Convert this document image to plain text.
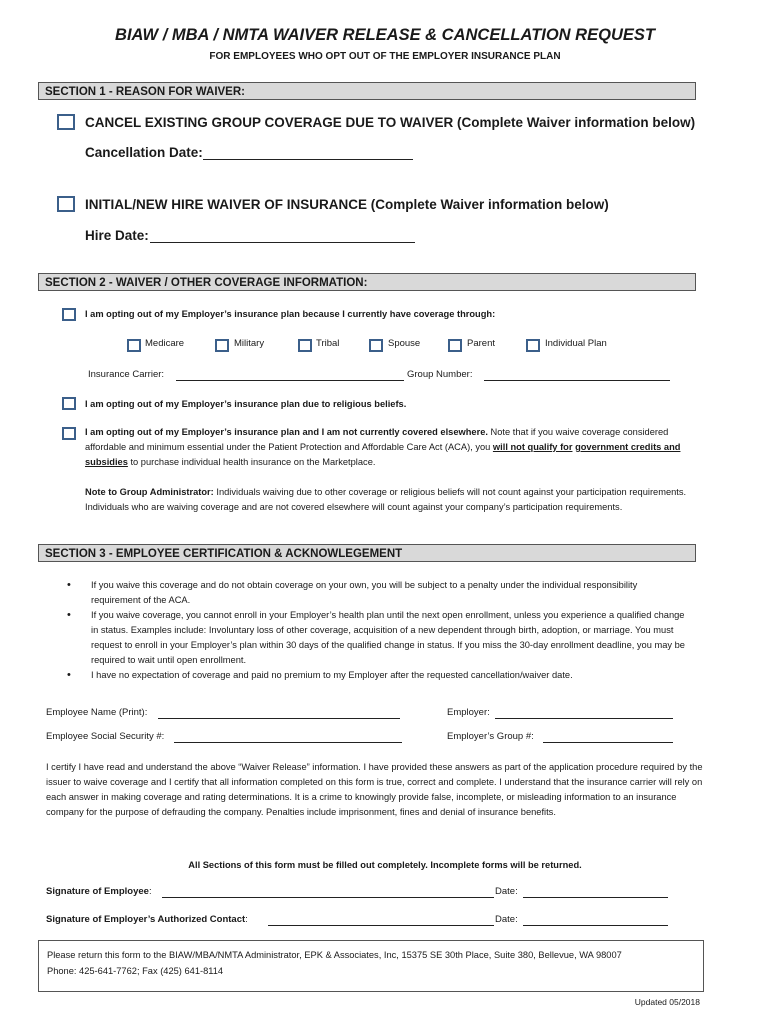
BIAW / MBA / NMTA WAIVER RELEASE & CANCELLATION REQUEST
FOR EMPLOYEES WHO OPT OUT OF THE EMPLOYER INSURANCE PLAN
SECTION 1 - REASON FOR WAIVER:
CANCEL EXISTING GROUP COVERAGE DUE TO WAIVER (Complete Waiver information below)
Cancellation Date:
INITIAL/NEW HIRE WAIVER OF INSURANCE (Complete Waiver information below)
Hire Date:
SECTION 2 - WAIVER / OTHER COVERAGE INFORMATION:
I am opting out of my Employer’s insurance plan because I currently have coverage through:
Medicare	Military	Tribal	Spouse	Parent	Individual Plan
Insurance Carrier:	Group Number:
I am opting out of my Employer’s insurance plan due to religious beliefs.
I am opting out of my Employer’s insurance plan and I am not currently covered elsewhere. Note that if you waive coverage considered affordable and minimum essential under the Patient Protection and Affordable Care Act (ACA), you will not qualify for government credits and subsidies to purchase individual health insurance on the Marketplace.
Note to Group Administrator: Individuals waiving due to other coverage or religious beliefs will not count against your participation requirements. Individuals who are waiving coverage and are not covered elsewhere will count against your company’s participation requirements.
SECTION 3 - EMPLOYEE CERTIFICATION & ACKNOWLEGEMENT
• If you waive this coverage and do not obtain coverage on your own, you will be subject to a penalty under the individual responsibility requirement of the ACA.
• If you waive coverage, you cannot enroll in your Employer’s health plan until the next open enrollment, unless you experience a qualified change in status. Examples include: Involuntary loss of other coverage, acquisition of a new dependent through birth, adoption, or marriage. You must request to enroll in your Employer’s plan within 30 days of the qualified change in status. If you miss the 30-day enrollment deadline, you may be required to wait until open enrollment.
• I have no expectation of coverage and paid no premium to my Employer after the requested cancellation/waiver date.
Employee Name (Print):	Employer:
Employee Social Security #:	Employer’s Group #:
I certify I have read and understand the above “Waiver Release” information. I have provided these answers as part of the application procedure required by the issuer to waive coverage and I certify that all information completed on this form is true, correct and complete. I understand that the insurance carrier will rely on each answer in making coverage and rating determinations. It is a crime to knowingly provide false, incomplete, or misleading information to an insurance company for the purpose of defrauding the company. Penalties include imprisonment, fines and denial of insurance benefits.
All Sections of this form must be filled out completely. Incomplete forms will be returned.
Signature of Employee:	Date:
Signature of Employer’s Authorized Contact:	Date:
Please return this form to the BIAW/MBA/NMTA Administrator, EPK & Associates, Inc, 15375 SE 30th Place, Suite 380, Bellevue, WA 98007
Phone: 425-641-7762; Fax (425) 641-8114
Updated 05/2018
